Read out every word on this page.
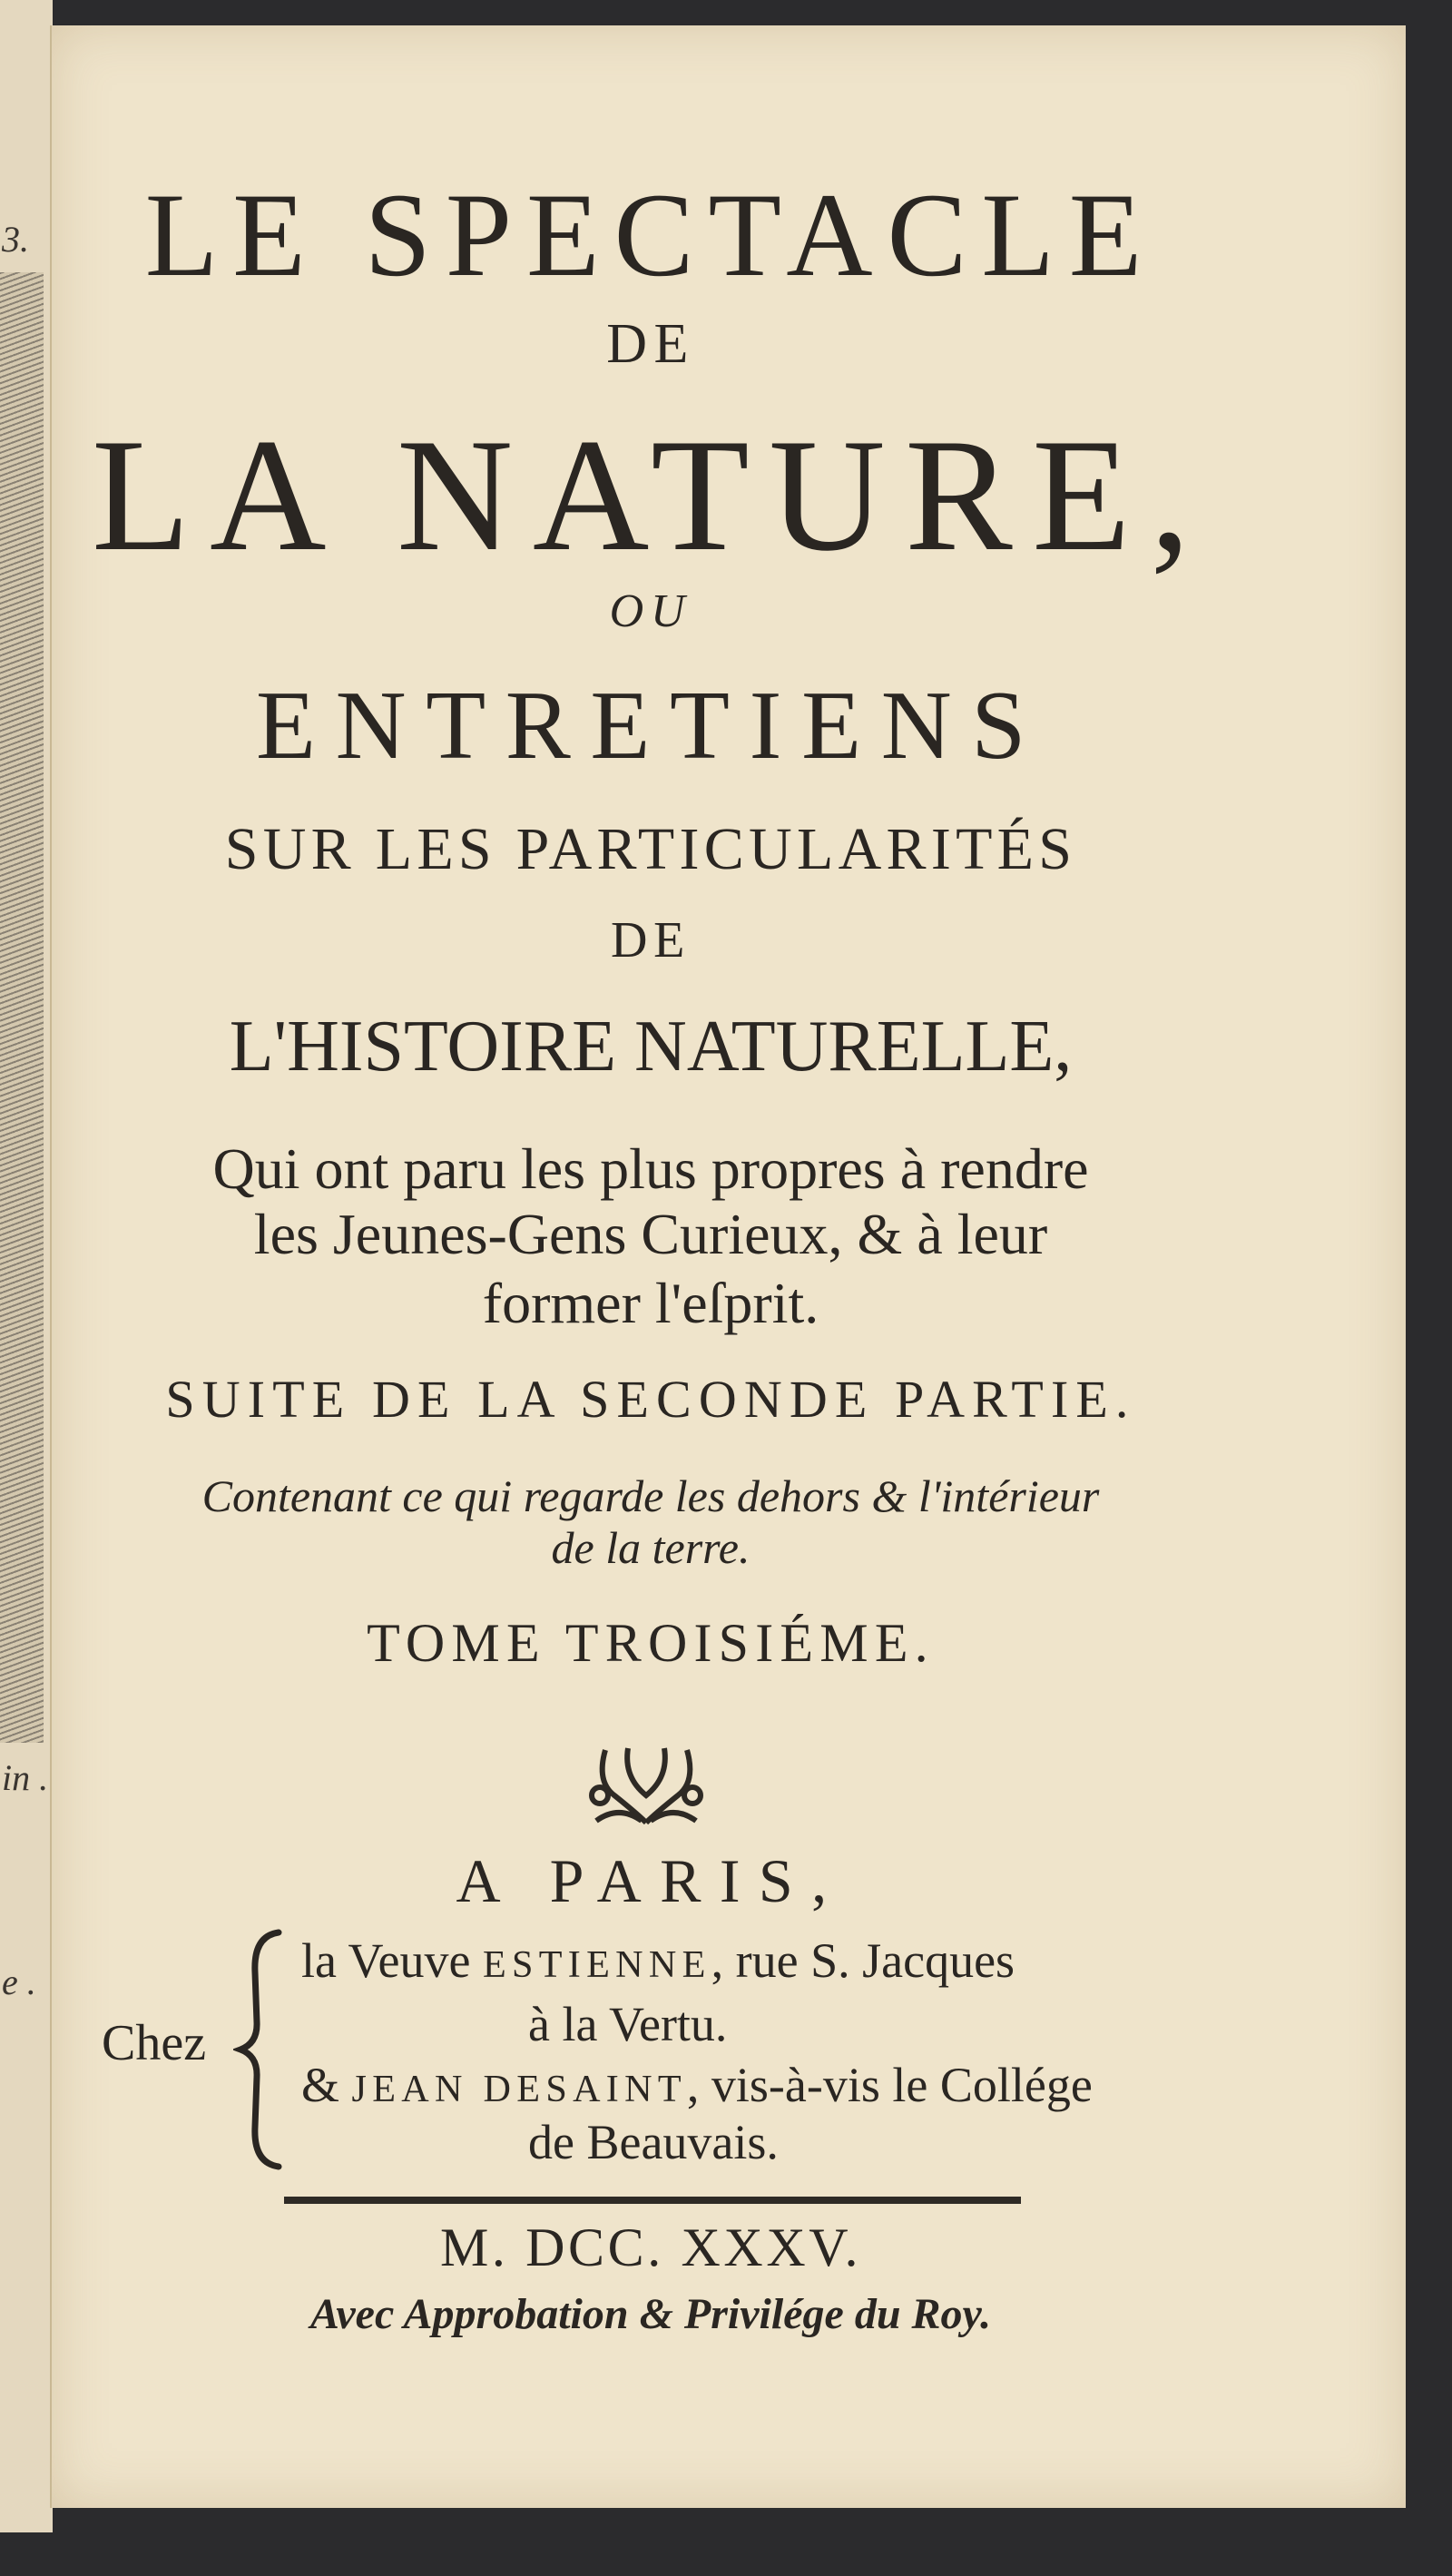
3.
in .
e .
LE SPECTACLE
DE
LA NATURE,
OU
ENTRETIENS
SUR LES PARTICULARITÉS
DE
L'HISTOIRE NATURELLE,
Qui ont paru les plus propres à rendre
les Jeunes-Gens Curieux, & à leur
former l'eſprit.
SUITE DE LA SECONDE PARTIE.
Contenant ce qui regarde les dehors & l'intérieur
de la terre.
TOME TROISIÉME.
A PARIS,
Chez
la Veuve ESTIENNE, rue S. Jacques
à la Vertu.
& JEAN DESAINT, vis-à-vis le Collége
de Beauvais.
M. DCC. XXXV.
Avec Approbation & Privilége du Roy.
